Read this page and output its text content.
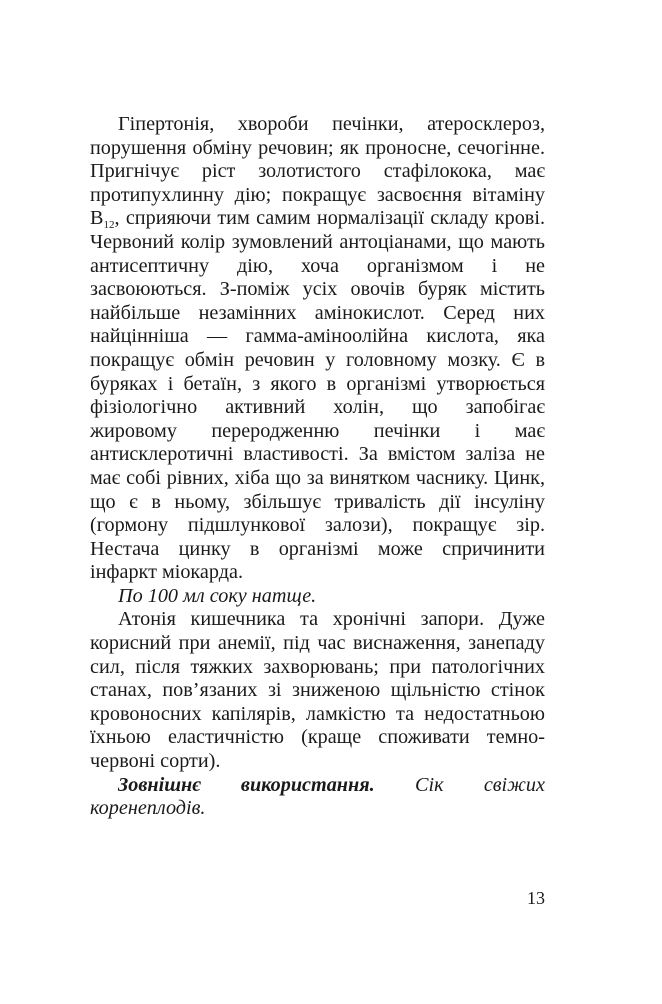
Гіпертонія, хвороби печінки, атеросклероз, порушення обміну речовин; як проносне, сечогінне. Пригнічує ріст золотистого стафілокока, має протипухлинну дію; покращує засвоєння вітаміну $В_{12}$, сприяючи тим самим нормалізації складу крові. Червоний колір зумовлений антоціанами, що мають антисептичну дію, хоча організмом і не засвоюються. З-поміж усіх овочів буряк містить найбільше незамінних амінокислот. Серед них найцінніша — гамма-аміноолійна кислота, яка покращує обмін речовин у головному мозку. Є в буряках і бетаїн, з якого в організмі утворюється фізіологічно активний холін, що запобігає жировому переродженню печінки і має антисклеротичні властивості. За вмістом заліза не має собі рівних, хіба що за винятком часнику. Цинк, що є в ньому, збільшує тривалість дії інсуліну (гормону підшлункової залози), покращує зір. Нестача цинку в організмі може спричинити інфаркт міокарда.

По 100 мл соку натще.

Атонія кишечника та хронічні запори. Дуже корисний при анемії, під час виснаження, занепаду сил, після тяжких захворювань; при патологічних станах, пов’язаних зі зниженою щільністю стінок кровоносних капілярів, ламкістю та недостатньою їхньою еластичністю (краще споживати темно-червоні сорти).

Зовнішнє використання. Сік свіжих коренеплодів.

13
